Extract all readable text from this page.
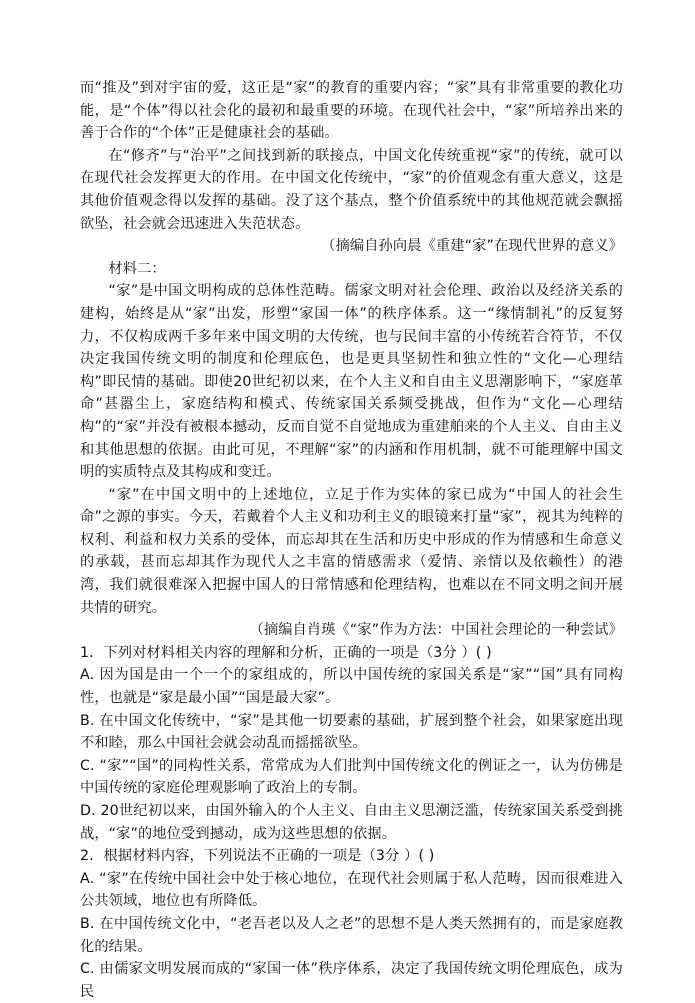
而“推及”到对宇宙的爱，这正是“家”的教育的重要内容；“家”具有非常重要的教化功能，是“个体”得以社会化的最初和最重要的环境。在现代社会中，“家”所培养出来的善于合作的“个体”正是健康社会的基础。

在“修齐”与“治平”之间找到新的联接点，中国文化传统重视“家”的传统，就可以在现代社会发挥更大的作用。在中国文化传统中，“家”的价值观念有重大意义，这是其他价值观念得以发挥的基础。没了这个基点，整个价值系统中的其他规范就会飘摇欲坠，社会就会迅速进入失范状态。

（摘编自孙向晨《重建“家”在现代世界的意义》

材料二：

“家”是中国文明构成的总体性范畴。儒家文明对社会伦理、政治以及经济关系的建构，始终是从“家”出发，形塑“家国一体”的秩序体系。这一“缘情制礼”的反复努力，不仅构成两千多年来中国文明的大传统，也与民间丰富的小传统若合符节，不仅决定我国传统文明的制度和伦理底色，也是更具坚韧性和独立性的“文化—心理结构”即民情的基础。即使20世纪初以来，在个人主义和自由主义思潮影响下，“家庭革命”甚嚣尘上，家庭结构和模式、传统家国关系频受挑战，但作为“文化—心理结构”的“家”并没有被根本撼动，反而自觉不自觉地成为重建舶来的个人主义、自由主义和其他思想的依据。由此可见，不理解“家”的内涵和作用机制，就不可能理解中国文明的实质特点及其构成和变迁。

“家”在中国文明中的上述地位，立足于作为实体的家已成为“中国人的社会生命”之源的事实。今天，若戴着个人主义和功利主义的眼镜来打量“家”，视其为纯粹的权利、利益和权力关系的受体，而忘却其在生活和历史中形成的作为情感和生命意义的承载，甚而忘却其作为现代人之丰富的情感需求（爱情、亲情以及依赖性）的港湾，我们就很难深入把握中国人的日常情感和伦理结构，也难以在不同文明之间开展共情的研究。

（摘编自肖瑛《“家”作为方法：中国社会理论的一种尝试》

1．下列对材料相关内容的理解和分析，正确的一项是（3分 ）( )

A. 因为国是由一个一个的家组成的，所以中国传统的家国关系是“家”“国”具有同构性，也就是“家是最小国”“国是最大家”。

B. 在中国文化传统中，“家”是其他一切要素的基础，扩展到整个社会，如果家庭出现不和睦，那么中国社会就会动乱而摇摇欲坠。

C. “家”“国”的同构性关系，常常成为人们批判中国传统文化的例证之一，认为仿佛是中国传统的家庭伦理观影响了政治上的专制。

D. 20世纪初以来，由国外输入的个人主义、自由主义思潮泛滥，传统家国关系受到挑战，“家”的地位受到撼动，成为这些思想的依据。

2．根据材料内容，下列说法不正确的一项是（3分 ）( )

A. “家”在传统中国社会中处于核心地位，在现代社会则属于私人范畴，因而很难进入公共领域，地位也有所降低。

B. 在中国传统文化中，“老吾老以及人之老”的思想不是人类天然拥有的，而是家庭教化的结果。

C. 由儒家文明发展而成的“家国一体”秩序体系，决定了我国传统文明伦理底色，成为民
